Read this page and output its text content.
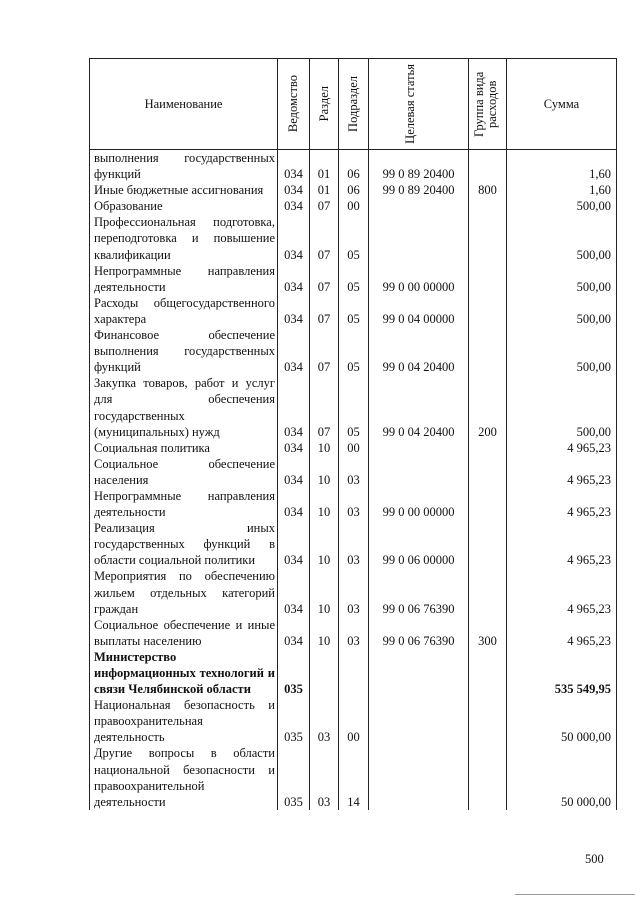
Наименование	Ведомство	Раздел	Подраздел	Целевая статья	Группа вида расходов	Сумма
выполнения государственных функций	034	01	06	99 0 89 20400		1,60
Иные бюджетные ассигнования	034	01	06	99 0 89 20400	800	1,60
Образование	034	07	00			500,00
Профессиональная подготовка, переподготовка и повышение квалификации	034	07	05			500,00
Непрограммные направления деятельности	034	07	05	99 0 00 00000		500,00
Расходы общегосударственного характера	034	07	05	99 0 04 00000		500,00
Финансовое обеспечение выполнения государственных функций	034	07	05	99 0 04 20400		500,00
Закупка товаров, работ и услуг для обеспечения государственных (муниципальных) нужд	034	07	05	99 0 04 20400	200	500,00
Социальная политика	034	10	00			4 965,23
Социальное обеспечение населения	034	10	03			4 965,23
Непрограммные направления деятельности	034	10	03	99 0 00 00000		4 965,23
Реализация иных государственных функций в области социальной политики	034	10	03	99 0 06 00000		4 965,23
Мероприятия по обеспечению жильем отдельных категорий граждан	034	10	03	99 0 06 76390		4 965,23
Социальное обеспечение и иные выплаты населению	034	10	03	99 0 06 76390	300	4 965,23
Министерство информационных технологий и связи Челябинской области	035					535 549,95
Национальная безопасность и правоохранительная деятельность	035	03	00			50 000,00
Другие вопросы в области национальной безопасности и правоохранительной деятельности	035	03	14			50 000,00
500
